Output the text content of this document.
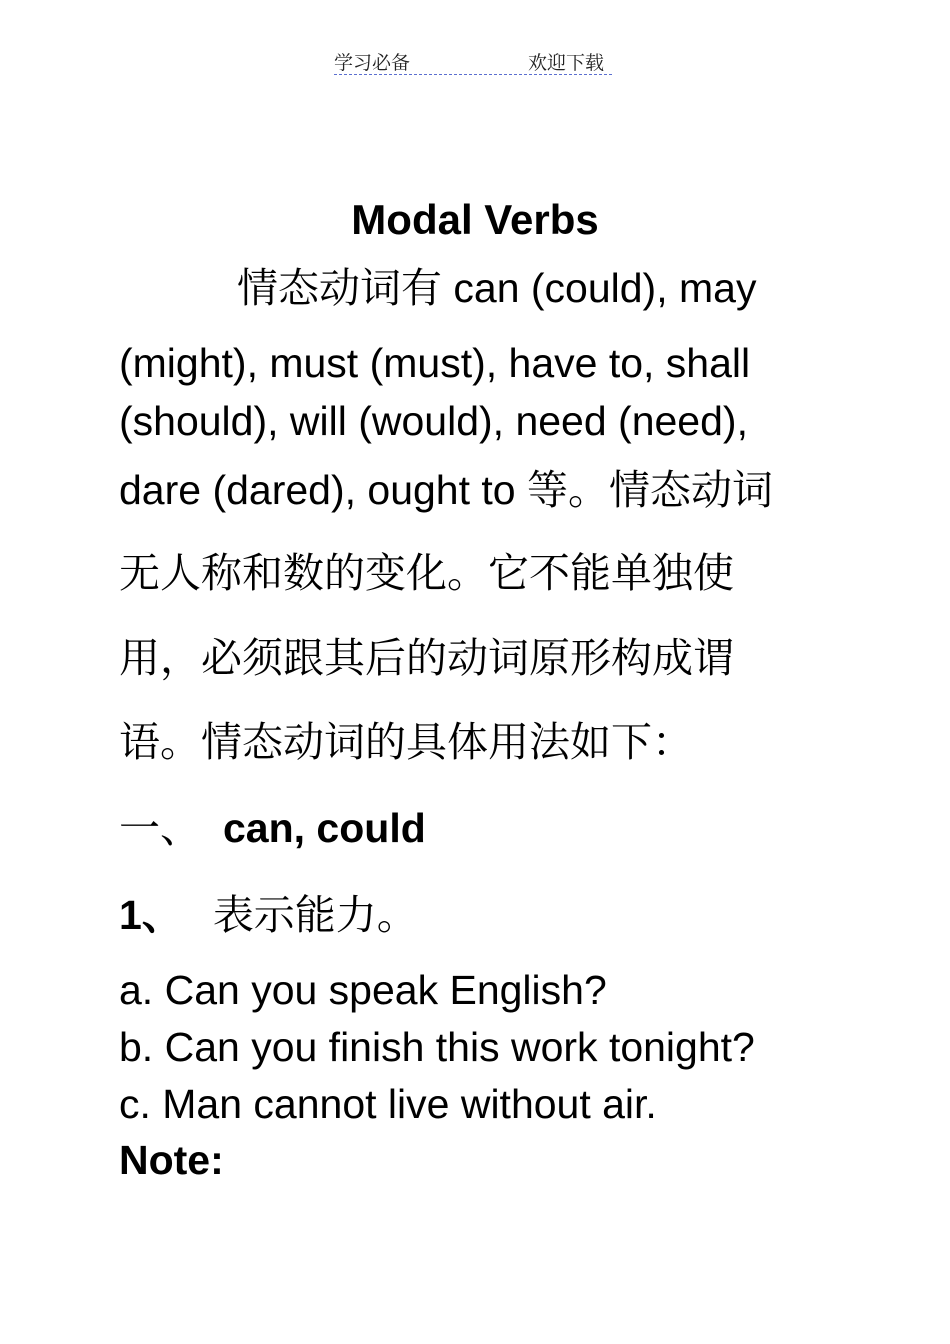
学习必备	欢迎下载
Modal Verbs
情态动词有 can (could), may
(might), must (must), have to, shall
(should), will (would), need (need),
dare (dared), ought to 等。情态动词
无人称和数的变化。它不能单独使
用，必须跟其后的动词原形构成谓
语。情态动词的具体用法如下：
一、 can, could
1、 表示能力。
a. Can you speak English?
b. Can you finish this work tonight?
c. Man cannot live without air.
Note:
